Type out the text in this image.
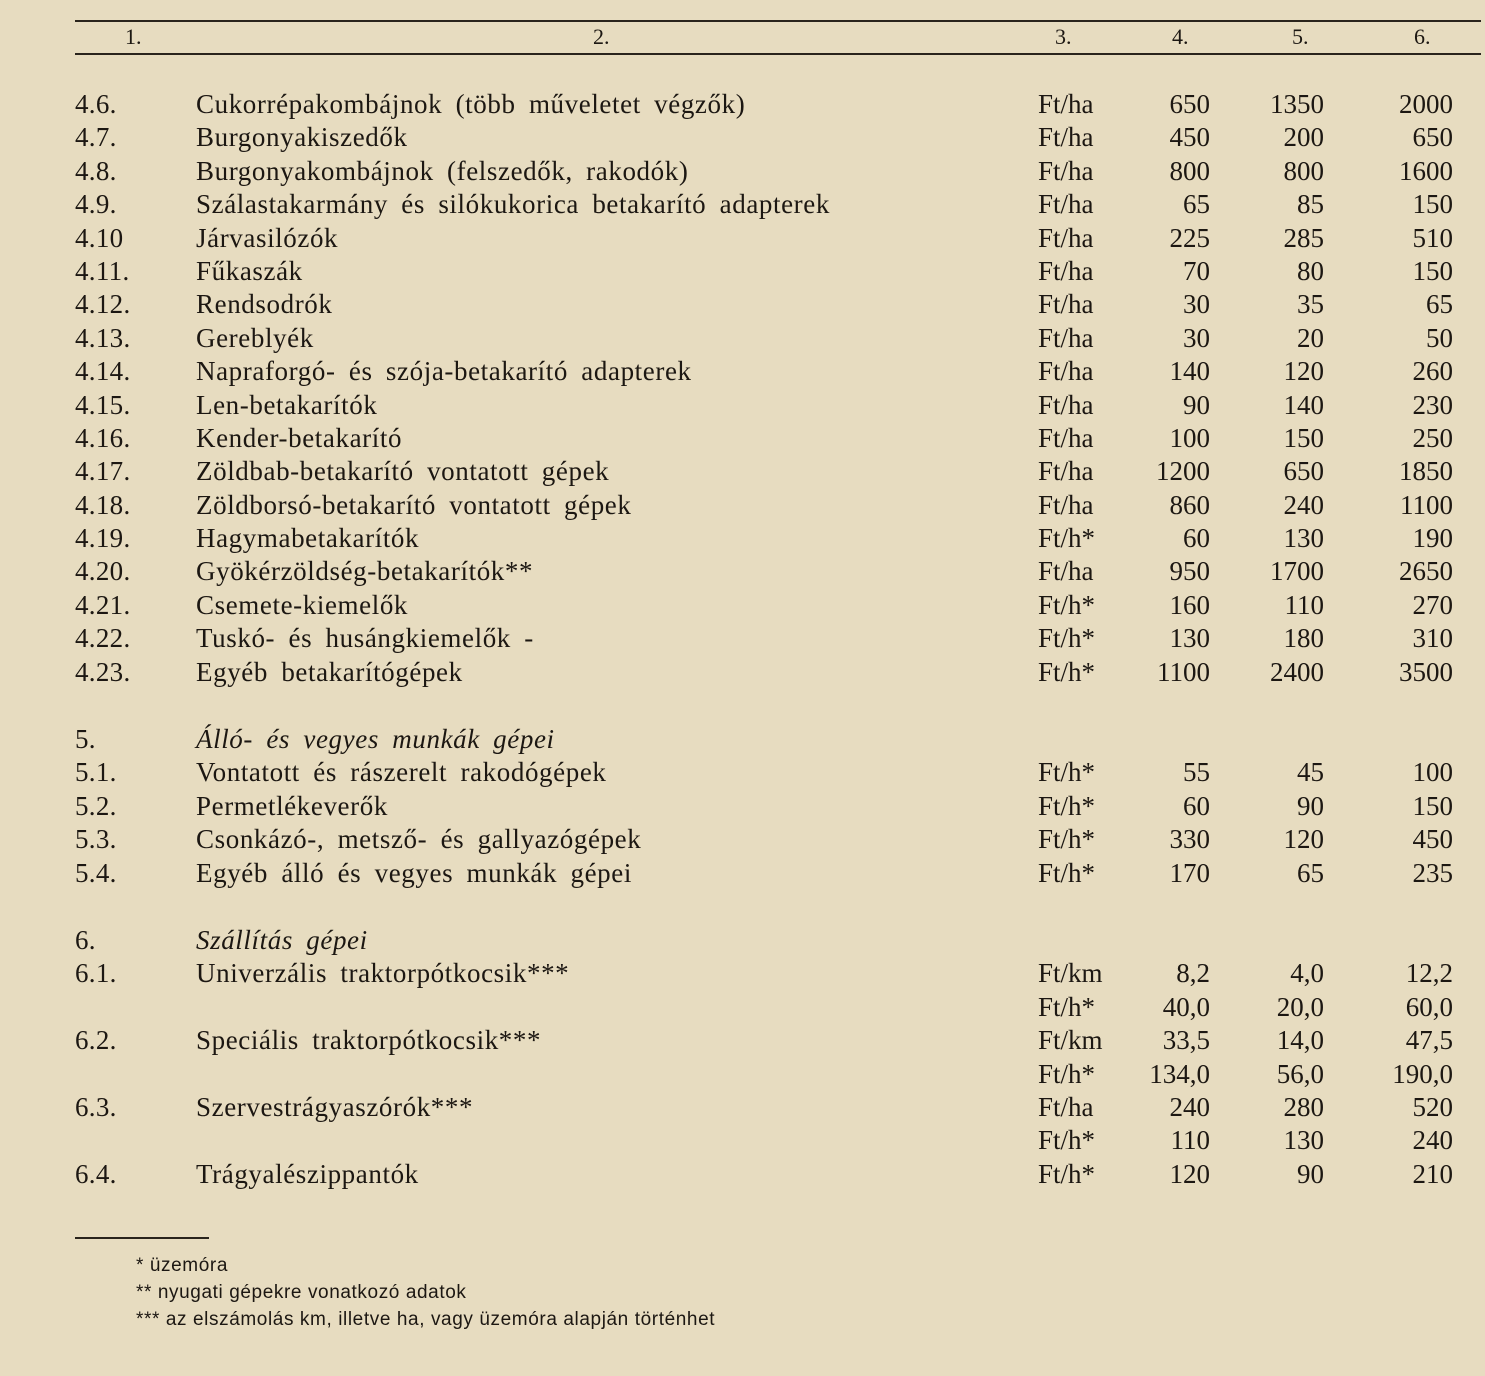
1.	2.	3.	4.	5.	6.
4.6.	Cukorrépakombájnok (több műveletet végzők)	Ft/ha	650	1350	2000
4.7.	Burgonyakiszedők	Ft/ha	450	200	650
4.8.	Burgonyakombájnok (felszedők, rakodók)	Ft/ha	800	800	1600
4.9.	Szálastakarmány és silókukorica betakarító adapterek	Ft/ha	65	85	150
4.10	Járvasilózók	Ft/ha	225	285	510
4.11. Fűkaszák	Ft/ha	70	80	150
4.12. Rendsodrók	Ft/ha	30	35	65
4.13. Gereblyék	Ft/ha	30	20	50
4.14. Napraforgó- és szója-betakarító adapterek	Ft/ha	140	120	260
4.15. Len-betakarítók	Ft/ha	90	140	230
4.16. Kender-betakarító	Ft/ha	100	150	250
4.17. Zöldbab-betakarító vontatott gépek	Ft/ha	1200	650	1850
4.18. Zöldborsó-betakarító vontatott gépek	Ft/ha	860	240	1100
4.19. Hagymabetakarítók	Ft/h*	60	130	190
4.20. Gyökérzöldség-betakarítók**	Ft/ha	950	1700	2650
4.21. Csemete-kiemelők	Ft/h*	160	110	270
4.22. Tuskó- és husángkiemelők -	Ft/h*	130	180	310
4.23. Egyéb betakarítógépek	Ft/h*	1100	2400	3500
5.	Álló- és vegyes munkák gépei
5.1.	Vontatott és rászerelt rakodógépek	Ft/h*	55	45	100
5.2.	Permetlékeverők	Ft/h*	60	90	150
5.3.	Csonkázó-, metsző- és gallyazógépek	Ft/h*	330	120	450
5.4.	Egyéb álló és vegyes munkák gépei	Ft/h*	170	65	235
6.	Szállítás gépei
6.1.	Univerzális traktorpótkocsik***	Ft/km	8,2	4,0	12,2
Ft/h*	40,0	20,0	60,0
6.2.	Speciális traktorpótkocsik***	Ft/km	33,5	14,0	47,5
Ft/h*	134,0	56,0	190,0
6.3.	Szervestrágyaszórók***	Ft/ha	240	280	520
Ft/h*	110	130	240
6.4.	Trágyalészippantók	Ft/h*	120	90	210
* üzemóra
** nyugati gépekre vonatkozó adatok
*** az elszámolás km, illetve ha, vagy üzemóra alapján történhet
